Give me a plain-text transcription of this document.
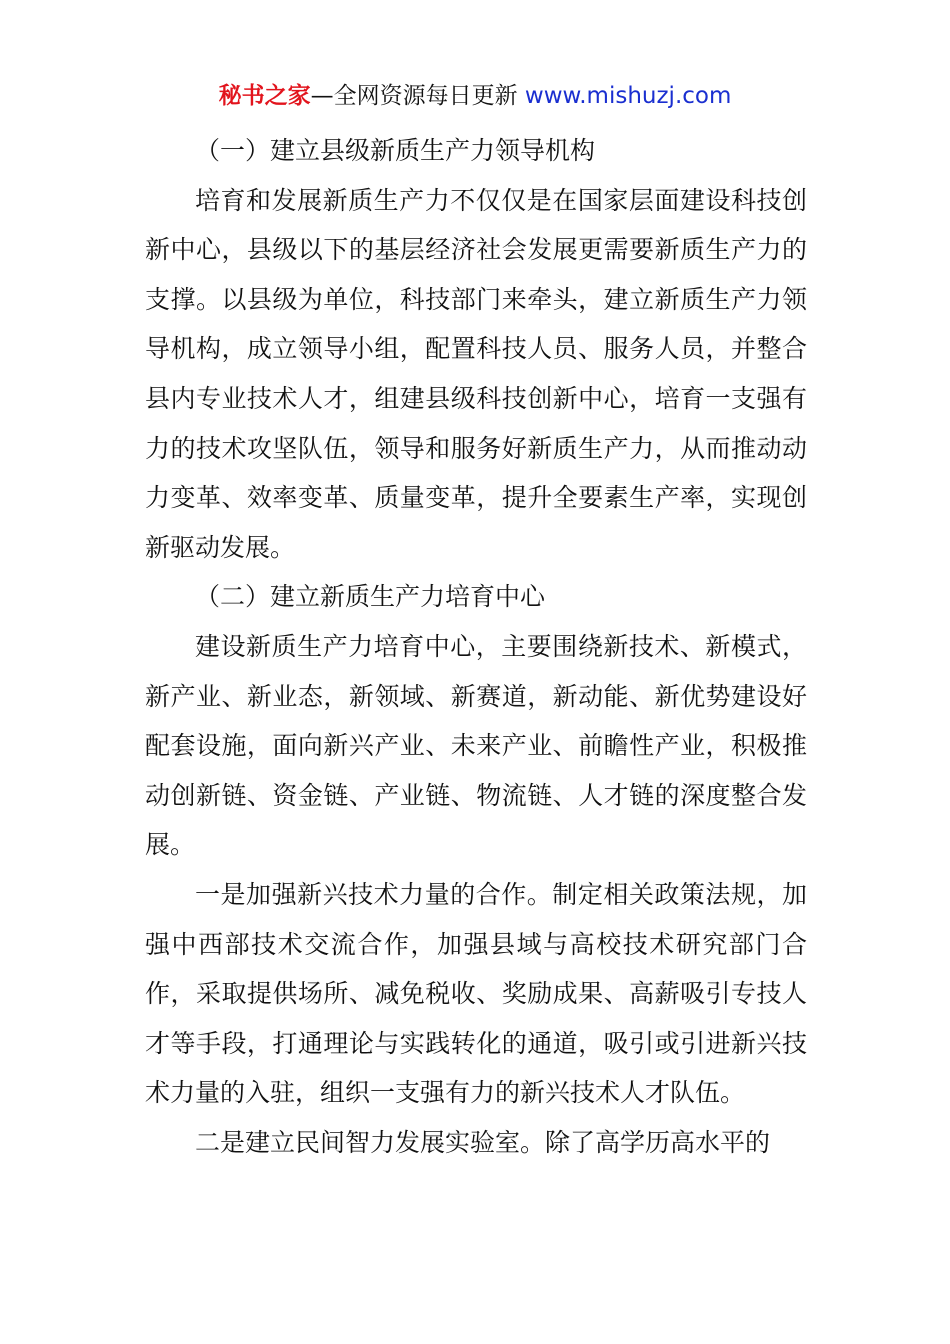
秘书之家—全网资源每日更新 www.mishuzj.com

（一）建立县级新质生产力领导机构

培育和发展新质生产力不仅仅是在国家层面建设科技创新中心，县级以下的基层经济社会发展更需要新质生产力的支撑。以县级为单位，科技部门来牵头，建立新质生产力领导机构，成立领导小组，配置科技人员、服务人员，并整合县内专业技术人才，组建县级科技创新中心，培育一支强有力的技术攻坚队伍，领导和服务好新质生产力，从而推动动力变革、效率变革、质量变革，提升全要素生产率，实现创新驱动发展。

（二）建立新质生产力培育中心

建设新质生产力培育中心，主要围绕新技术、新模式，新产业、新业态，新领域、新赛道，新动能、新优势建设好配套设施，面向新兴产业、未来产业、前瞻性产业，积极推动创新链、资金链、产业链、物流链、人才链的深度整合发展。

一是加强新兴技术力量的合作。制定相关政策法规，加强中西部技术交流合作，加强县域与高校技术研究部门合作，采取提供场所、减免税收、奖励成果、高薪吸引专技人才等手段，打通理论与实践转化的通道，吸引或引进新兴技术力量的入驻，组织一支强有力的新兴技术人才队伍。

二是建立民间智力发展实验室。除了高学历高水平的
